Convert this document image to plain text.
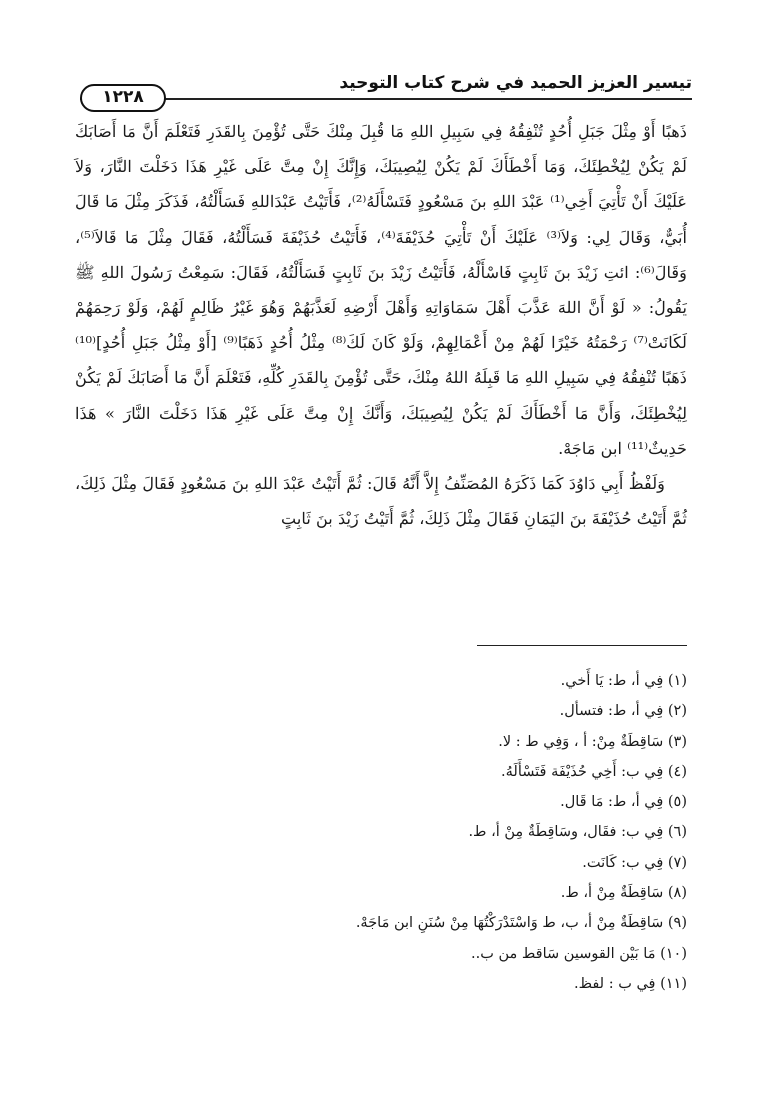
تيسير العزيز الحميد في شرح كتاب التوحيد
١٢٢٨

ذَهبًا أَوْ مِثْلَ جَبَلِ أُحُدٍ تُنْفِقُهُ فِي سَبِيلِ اللهِ مَا قُبِلَ مِنْكَ حَتَّى تُؤْمِنَ بِالقَدَرِ فَتَعْلَمَ أَنَّ مَا أَصَابَكَ لَمْ يَكُنْ لِيُخْطِئَكَ، وَمَا أَخْطَأَكَ لَمْ يَكُنْ لِيُصِيبَكَ، وَإِنَّكَ إِنْ مِتَّ عَلَى غَيْرِ هَذَا دَخَلْتَ النَّارَ، وَلاَ عَلَيْكَ أَنْ تَأْتِيَ أَخِي⁽¹⁾ عَبْدَ اللهِ بنَ مَسْعُودٍ فَتَسْأَلَهُ⁽²⁾، فَأَتَيْتُ عَبْدَاللهِ فَسَأَلْتُهُ، فَذَكَرَ مِثْلَ مَا قَالَ أُبَيٌّ، وَقَالَ لِي: وَلاَ⁽³⁾ عَلَيْكَ أَنْ تَأْتِيَ حُذَيْفَةَ⁽⁴⁾، فَأَتَيْتُ حُذَيْفَةَ فَسَأَلْتُهُ، فَقَالَ مِثْلَ مَا قَالاَ⁽⁵⁾، وَقَالَ⁽⁶⁾: ائتِ زَيْدَ بنَ ثَابِتٍ فَاسْأَلْهُ، فَأَتَيْتُ زَيْدَ بنَ ثَابِتٍ فَسَأَلْتُهُ، فَقَالَ: سَمِعْتُ رَسُولَ اللهِ ﷺ يَقُولُ: « لَوْ أَنَّ اللهَ عَذَّبَ أَهْلَ سَمَاوَاتِهِ وَأَهْلَ أَرْضِهِ لَعَذَّبَهُمْ وَهُوَ غَيْرُ ظَالِمٍ لَهُمْ، وَلَوْ رَحِمَهُمْ لَكَانَتْ⁽⁷⁾ رَحْمَتُهُ خَيْرًا لَهُمْ مِنْ أَعْمَالِهِمْ، وَلَوْ كَانَ لَكَ⁽⁸⁾ مِثْلُ أُحُدٍ ذَهَبًا⁽⁹⁾ [أَوْ مِثْلُ جَبَلِ أُحُدٍ]⁽¹⁰⁾ ذَهَبًا تُنْفِقُهُ فِي سَبِيلِ اللهِ مَا قَبِلَهُ اللهُ مِنْكَ، حَتَّى تُؤْمِنَ بِالقَدَرِ كُلِّهِ، فَتَعْلَمَ أَنَّ مَا أَصَابَكَ لَمْ يَكُنْ لِيُخْطِئَكَ، وَأَنَّ مَا أَخْطَأَكَ لَمْ يَكُنْ لِيُصِيبَكَ، وَأَنَّكَ إِنْ مِتَّ عَلَى غَيْرِ هَذَا دَخَلْتَ النَّارَ » هَذَا حَدِيثٌ⁽¹¹⁾ ابن مَاجَهْ.

وَلَفْظُ أَبِي دَاوُدَ كَمَا ذَكَرَهُ المُصَنِّفُ إِلاَّ أَنَّهُ قَالَ: ثُمَّ أَتَيْتُ عَبْدَ اللهِ بنَ مَسْعُودٍ فَقَالَ مِثْلَ ذَلِكَ، ثُمَّ أَتَيْتُ حُذَيْفَةَ بنَ اليَمَانِ فَقَالَ مِثْلَ ذَلِكَ، ثُمَّ أَتَيْتُ زَيْدَ بنَ ثَابِتٍ

(١) فِي أ، ط: يَا أَخي.
(٢) فِي أ، ط: فتسأل.
(٣) سَاقِطَةٌ مِنْ: أ ، وَفِي ط : لا.
(٤) فِي ب: أَخِي حُذَيْفَة فَتَسْأَلَهُ.
(٥) فِي أ، ط: مَا قَال.
(٦) فِي ب: فقَال، وسَاقِطَةٌ مِنْ أ، ط.
(٧) فِي ب: كَانَت.
(٨) سَاقِطَةٌ مِنْ أ، ط.
(٩) سَاقِطَةٌ مِنْ أ، ب، ط وَاسْتَدْرَكْتُهَا مِنْ سُنَنِ ابن مَاجَهْ.
(١٠) مَا بَيْن القوسين سَاقط من ب..
(١١) فِي ب : لفظ.
